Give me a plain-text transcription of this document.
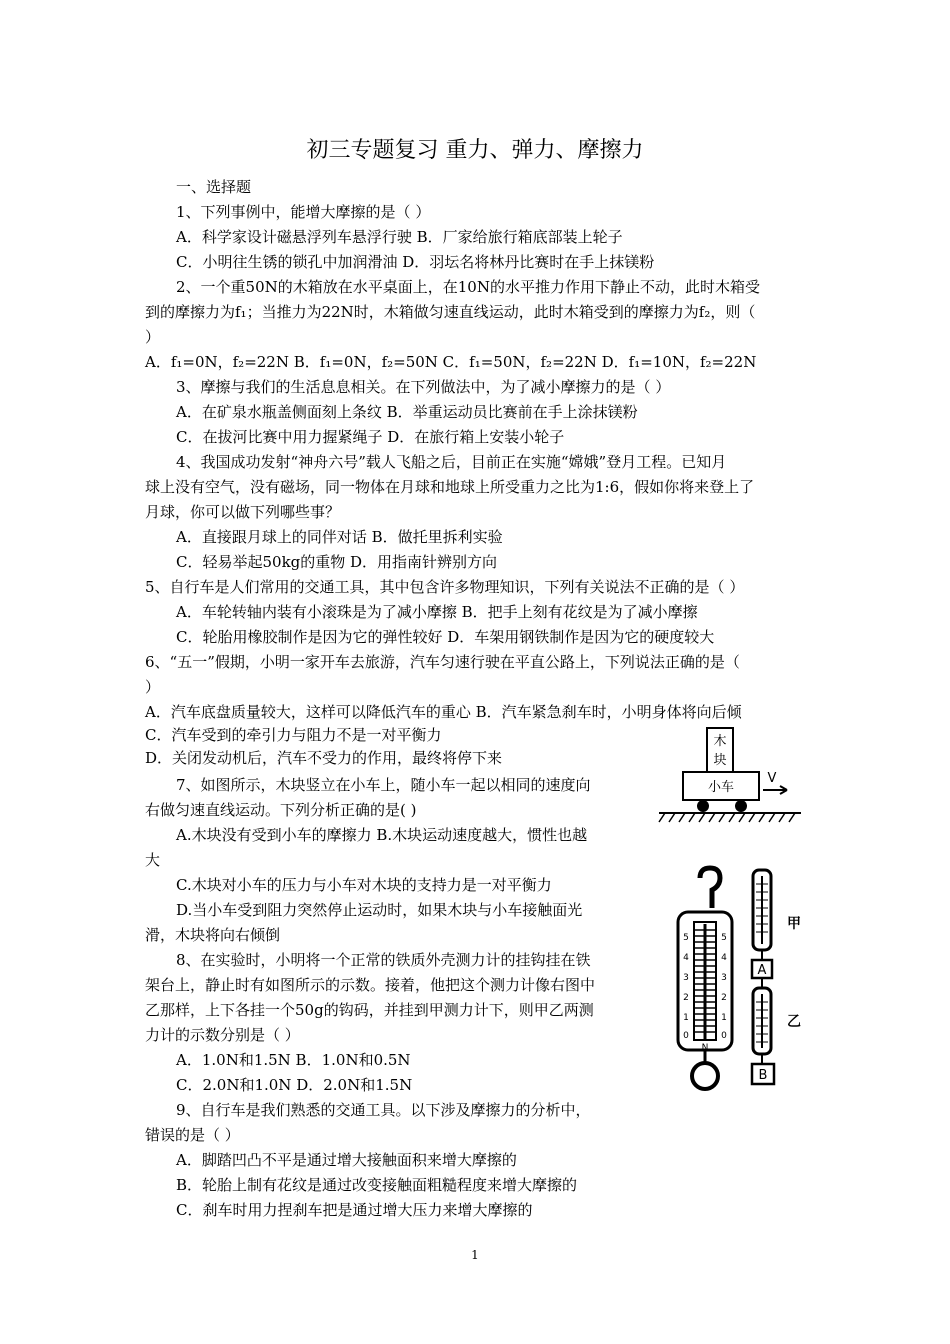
初三专题复习 重力、弹力、摩擦力
一、选择题
1、下列事例中，能增大摩擦的是（ ）
A．科学家设计磁悬浮列车悬浮行驶 B．厂家给旅行箱底部装上轮子
C．小明往生锈的锁孔中加润滑油 D．羽坛名将林丹比赛时在手上抹镁粉
2、一个重50N的木箱放在水平桌面上，在10N的水平推力作用下静止不动，此时木箱受
到的摩擦力为f₁；当推力为22N时，木箱做匀速直线运动，此时木箱受到的摩擦力为f₂，则（
）
A．f₁=0N，f₂=22N B．f₁=0N，f₂=50N C．f₁=50N，f₂=22N D．f₁=10N，f₂=22N
3、摩擦与我们的生活息息相关。在下列做法中，为了减小摩擦力的是（ ）
A．在矿泉水瓶盖侧面刻上条纹 B．举重运动员比赛前在手上涂抹镁粉
C．在拔河比赛中用力握紧绳子 D．在旅行箱上安装小轮子
4、我国成功发射“神舟六号”载人飞船之后，目前正在实施“嫦娥”登月工程。已知月
球上没有空气，没有磁场，同一物体在月球和地球上所受重力之比为1:6，假如你将来登上了
月球，你可以做下列哪些事？
A．直接跟月球上的同伴对话 B．做托里拆利实验
C．轻易举起50kg的重物 D．用指南针辨别方向
5、自行车是人们常用的交通工具，其中包含许多物理知识，下列有关说法不正确的是（ ）
A．车轮转轴内装有小滚珠是为了减小摩擦 B．把手上刻有花纹是为了减小摩擦
C．轮胎用橡胶制作是因为它的弹性较好 D．车架用钢铁制作是因为它的硬度较大
6、“五一”假期，小明一家开车去旅游，汽车匀速行驶在平直公路上，下列说法正确的是（
）
A．汽车底盘质量较大，这样可以降低汽车的重心 B．汽车紧急刹车时，小明身体将向后倾
C．汽车受到的牵引力与阻力不是一对平衡力
D．关闭发动机后，汽车不受力的作用，最终将停下来
7、如图所示，木块竖立在小车上，随小车一起以相同的速度向
右做匀速直线运动。下列分析正确的是( )
A.木块没有受到小车的摩擦力 B.木块运动速度越大，惯性也越
大
C.木块对小车的压力与小车对木块的支持力是一对平衡力
D.当小车受到阻力突然停止运动时，如果木块与小车接触面光
滑，木块将向右倾倒
8、在实验时，小明将一个正常的铁质外壳测力计的挂钩挂在铁
架台上，静止时有如图所示的示数。接着，他把这个测力计像右图中
乙那样，上下各挂一个50g的钩码，并挂到甲测力计下，则甲乙两测
力计的示数分别是（ ）
A．1.0N和1.5N B．1.0N和0.5N
C．2.0N和1.0N D．2.0N和1.5N
9、自行车是我们熟悉的交通工具。以下涉及摩擦力的分析中，
错误的是（ ）
A．脚踏凹凸不平是通过增大接触面积来增大摩擦的
B．轮胎上制有花纹是通过改变接触面粗糙程度来增大摩擦的
C．刹车时用力捏刹车把是通过增大压力来增大摩擦的
木
块
小车
V
5
4
3
2
1
0
5
4
3
2
1
0
N
A
B
甲
乙
1
